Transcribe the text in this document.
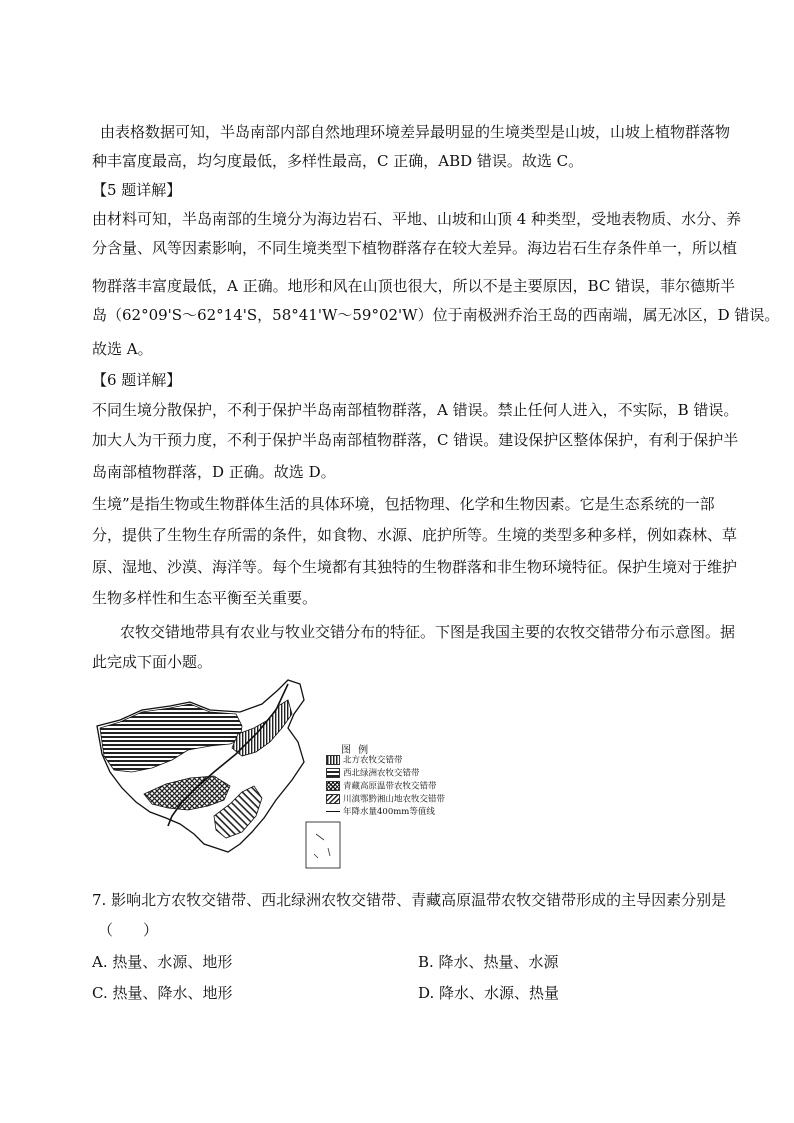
由表格数据可知，半岛南部内部自然地理环境差异最明显的生境类型是山坡，山坡上植物群落物
种丰富度最高，均匀度最低，多样性最高，C 正确，ABD 错误。故选 C。
【5 题详解】
由材料可知，半岛南部的生境分为海边岩石、平地、山坡和山顶 4 种类型，受地表物质、水分、养
分含量、风等因素影响，不同生境类型下植物群落存在较大差异。海边岩石生存条件单一，所以植
物群落丰富度最低，A 正确。地形和风在山顶也很大，所以不是主要原因，BC 错误，菲尔德斯半
岛（62°09'S～62°14'S，58°41'W～59°02'W）位于南极洲乔治王岛的西南端，属无冰区，D 错误。
故选 A。
【6 题详解】
不同生境分散保护，不利于保护半岛南部植物群落，A 错误。禁止任何人进入，不实际，B 错误。
加大人为干预力度，不利于保护半岛南部植物群落，C 错误。建设保护区整体保护，有利于保护半
岛南部植物群落，D 正确。故选 D。
生境”是指生物或生物群体生活的具体环境，包括物理、化学和生物因素。它是生态系统的一部
分，提供了生物生存所需的条件，如食物、水源、庇护所等。生境的类型多种多样，例如森林、草
原、湿地、沙漠、海洋等。每个生境都有其独特的生物群落和非生物环境特征。保护生境对于维护
生物多样性和生态平衡至关重要。
农牧交错地带具有农业与牧业交错分布的特征。下图是我国主要的农牧交错带分布示意图。据
此完成下面小题。
图 例
北方农牧交错带
西北绿洲农牧交错带
青藏高原温带农牧交错带
川滇鄂黔湘山地农牧交错带
年降水量400mm等值线
7. 影响北方农牧交错带、西北绿洲农牧交错带、青藏高原温带农牧交错带形成的主导因素分别是
（　　）
A. 热量、水源、地形	B. 降水、热量、水源
C. 热量、降水、地形	D. 降水、水源、热量
